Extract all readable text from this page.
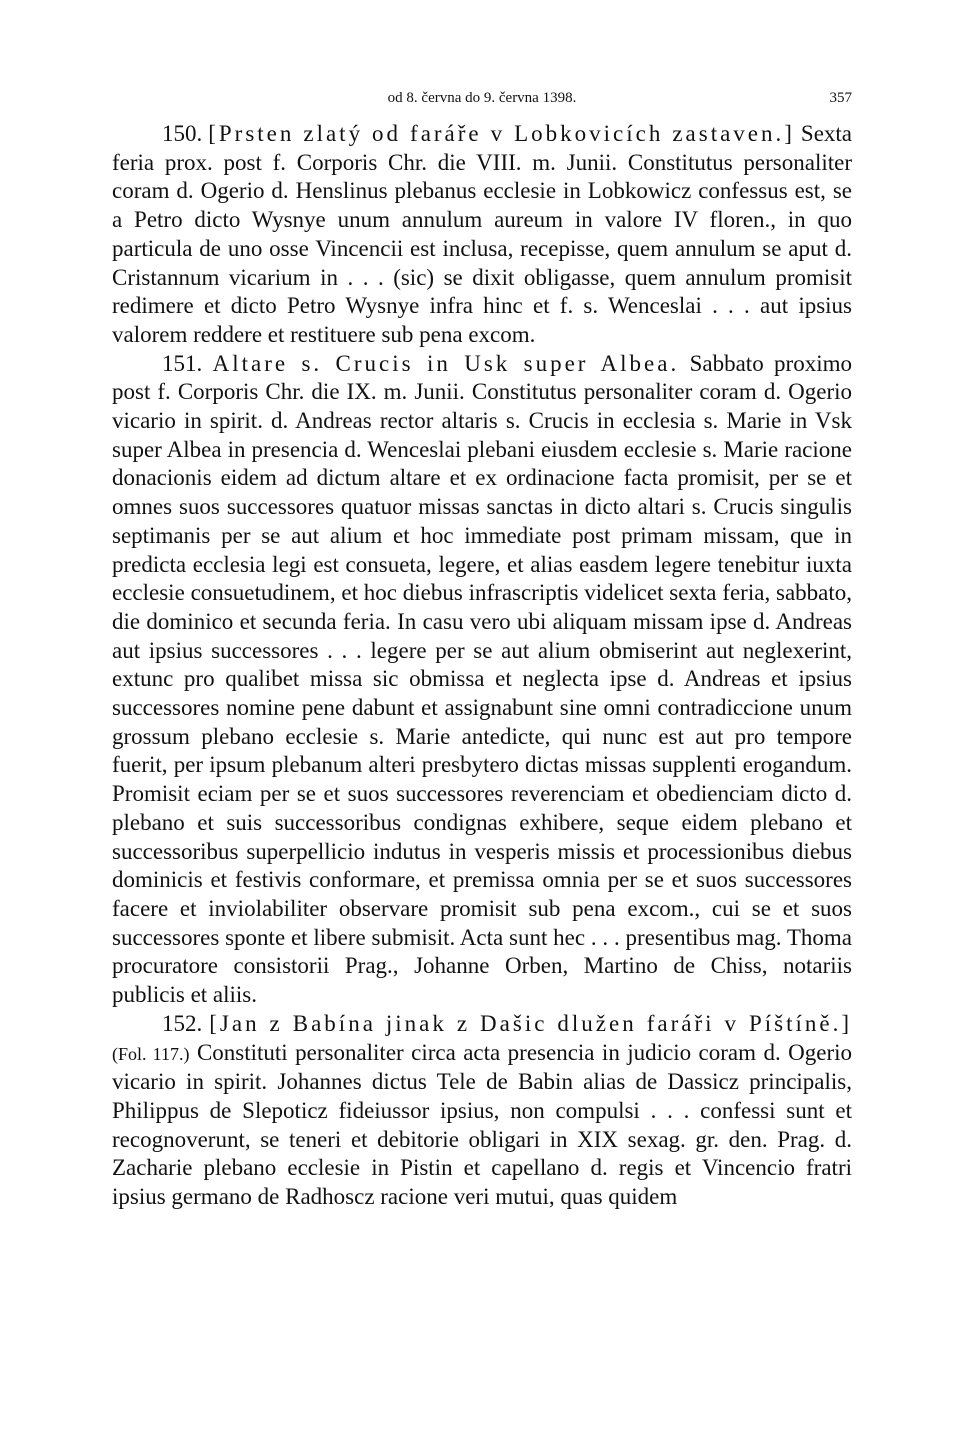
od 8. června do 9. června 1398.	357

150. [Prsten zlatý od faráře v Lobkovicích zastaven.] Sexta feria prox. post f. Corporis Chr. die VIII. m. Junii. Constitutus personaliter coram d. Ogerio d. Henslinus plebanus ecclesie in Lobkowicz confessus est, se a Petro dicto Wysnye unum annulum aureum in valore IV floren., in quo particula de uno osse Vincencii est inclusa, recepisse, quem annulum se aput d. Cristannum vicarium in . . . (sic) se dixit obligasse, quem annulum promisit redimere et dicto Petro Wysnye infra hinc et f. s. Wenceslai . . . aut ipsius valorem reddere et restituere sub pena excom.

151. Altare s. Crucis in Usk super Albea. Sabbato proximo post f. Corporis Chr. die IX. m. Junii. Constitutus personaliter coram d. Ogerio vicario in spirit. d. Andreas rector altaris s. Crucis in ecclesia s. Marie in Vsk super Albea in presencia d. Wenceslai plebani eiusdem ecclesie s. Marie racione donacionis eidem ad dictum altare et ex ordinacione facta promisit, per se et omnes suos successores quatuor missas sanctas in dicto altari s. Crucis singulis septimanis per se aut alium et hoc immediate post primam missam, que in predicta ecclesia legi est consueta, legere, et alias easdem legere tenebitur iuxta ecclesie consuetudinem, et hoc diebus infrascriptis videlicet sexta feria, sabbato, die dominico et secunda feria. In casu vero ubi aliquam missam ipse d. Andreas aut ipsius successores . . . legere per se aut alium obmiserint aut neglexerint, extunc pro qualibet missa sic obmissa et neglecta ipse d. Andreas et ipsius successores nomine pene dabunt et assignabunt sine omni contradiccione unum grossum plebano ecclesie s. Marie antedicte, qui nunc est aut pro tempore fuerit, per ipsum plebanum alteri presbytero dictas missas supplenti erogandum. Promisit eciam per se et suos successores reverenciam et obedienciam dicto d. plebano et suis successoribus condignas exhibere, seque eidem plebano et successoribus superpellicio indutus in vesperis missis et processionibus diebus dominicis et festivis conformare, et premissa omnia per se et suos successores facere et inviolabiliter observare promisit sub pena excom., cui se et suos successores sponte et libere submisit. Acta sunt hec . . . presentibus mag. Thoma procuratore consistorii Prag., Johanne Orben, Martino de Chiss, notariis publicis et aliis.

152. [Jan z Babína jinak z Dašic dlužen faráři v Píštíně.] (Fol. 117.) Constituti personaliter circa acta presencia in judicio coram d. Ogerio vicario in spirit. Johannes dictus Tele de Babin alias de Dassicz principalis, Philippus de Slepoticz fideiussor ipsius, non compulsi . . . confessi sunt et recognoverunt, se teneri et debitorie obligari in XIX sexag. gr. den. Prag. d. Zacharie plebano ecclesie in Pistin et capellano d. regis et Vincencio fratri ipsius germano de Radhoscz racione veri mutui, quas quidem
